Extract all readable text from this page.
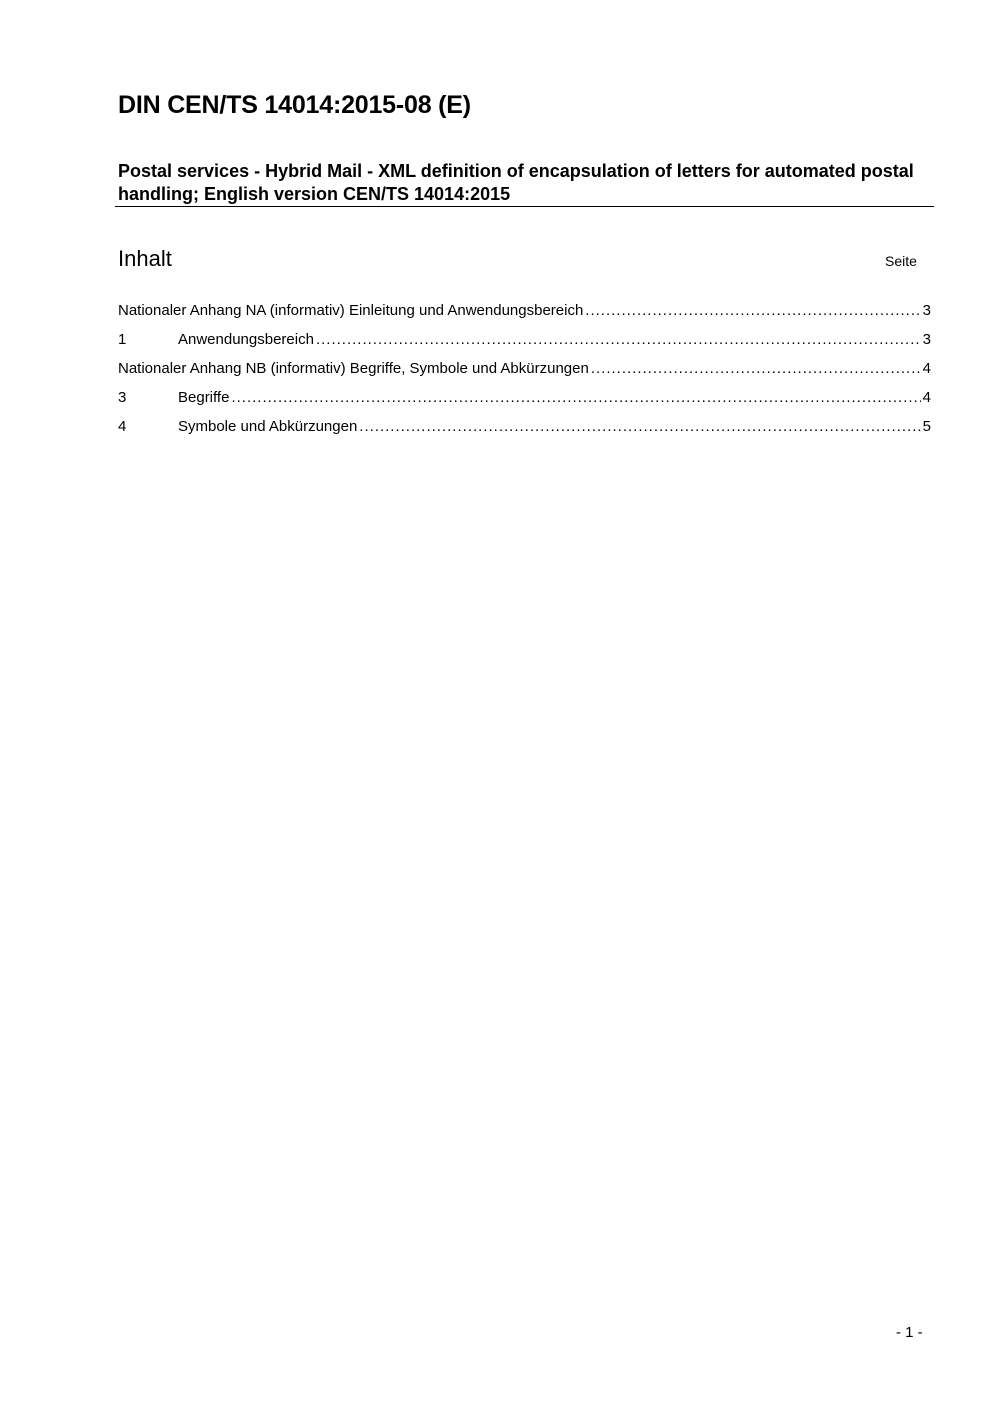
DIN CEN/TS 14014:2015-08 (E)
Postal services - Hybrid Mail - XML definition of encapsulation of letters for automated postal handling; English version CEN/TS 14014:2015
Inhalt	Seite
Nationaler Anhang NA (informativ) Einleitung und Anwendungsbereich .....	3
1	Anwendungsbereich .....	3
Nationaler Anhang NB (informativ) Begriffe, Symbole und Abkürzungen .....	4
3	Begriffe .....	4
4	Symbole und Abkürzungen .....	5
- 1 -
